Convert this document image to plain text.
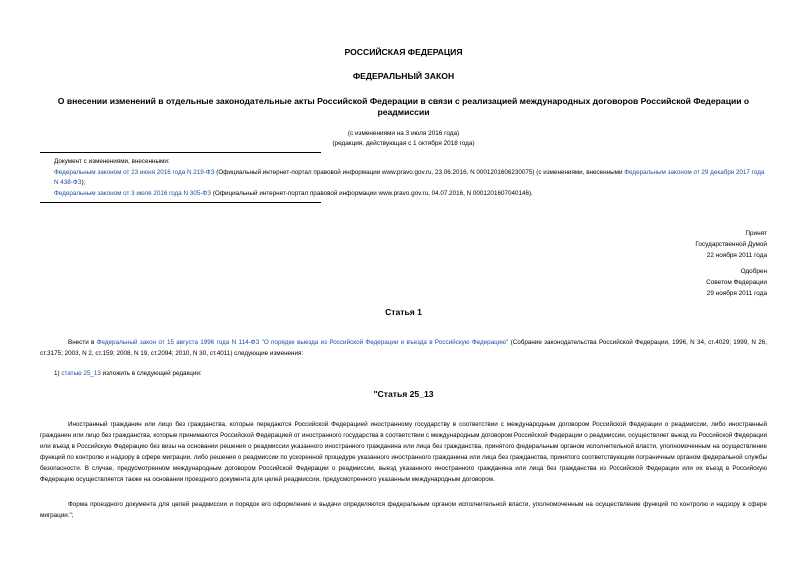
РОССИЙСКАЯ ФЕДЕРАЦИЯ
ФЕДЕРАЛЬНЫЙ ЗАКОН
О внесении изменений в отдельные законодательные акты Российской Федерации в связи с реализацией международных договоров Российской Федерации о реадмиссии
(с изменениями на 3 июля 2016 года)
(редакция, действующая с 1 октября 2018 года)
Документ с изменениями, внесенными:
Федеральным законом от 23 июня 2016 года N 219-ФЗ (Официальный интернет-портал правовой информации www.pravo.gov.ru, 23.06.2016, N 0001201606230075) (с изменениями, внесенными Федеральным законом от 29 декабря 2017 года N 438-ФЗ);
Федеральным законом от 3 июля 2016 года N 305-ФЗ (Официальный интернет-портал правовой информации www.pravo.gov.ru, 04.07.2016, N 0001201607040146).
Принят
Государственной Думой
22 ноября 2011 года
Одобрен
Советом Федерации
29 ноября 2011 года
Статья 1
Внести в Федеральный закон от 15 августа 1996 года N 114-ФЗ "О порядке выезда из Российской Федерации и въезда в Российскую Федерацию" (Собрание законодательства Российской Федерации, 1996, N 34, ст.4029; 1999, N 26, ст.3175; 2003, N 2, ст.159; 2008, N 19, ст.2094; 2010, N 30, ст.4011) следующие изменения:
1) статью 25_13 изложить в следующей редакции:
"Статья 25_13
Иностранный гражданин или лицо без гражданства, которые передаются Российской Федерацией иностранному государству в соответствии с международным договором Российской Федерации о реадмиссии, либо иностранный гражданин или лицо без гражданства, которые принимаются Российской Федерацией от иностранного государства в соответствии с международным договором Российской Федерации о реадмиссии, осуществляет выезд из Российской Федерации или въезд в Российскую Федерацию без визы на основании решения о реадмиссии указанного иностранного гражданина или лица без гражданства, принятого федеральным органом исполнительной власти, уполномоченным на осуществление функций по контролю и надзору в сфере миграции, либо решения о реадмиссии по ускоренной процедуре указанного иностранного гражданина или лица без гражданства, принятого соответствующим пограничным органом федеральной службы безопасности. В случае, предусмотренном международным договором Российской Федерации о реадмиссии, выезд указанного иностранного гражданина или лица без гражданства из Российской Федерации или их въезд в Российскую Федерацию осуществляется также на основании проездного документа для целей реадмиссии, предусмотренного указанным международным договором.
Форма проездного документа для целей реадмиссии и порядок его оформления и выдачи определяются федеральным органом исполнительной власти, уполномоченным на осуществление функций по контролю и надзору в сфере миграции.";
